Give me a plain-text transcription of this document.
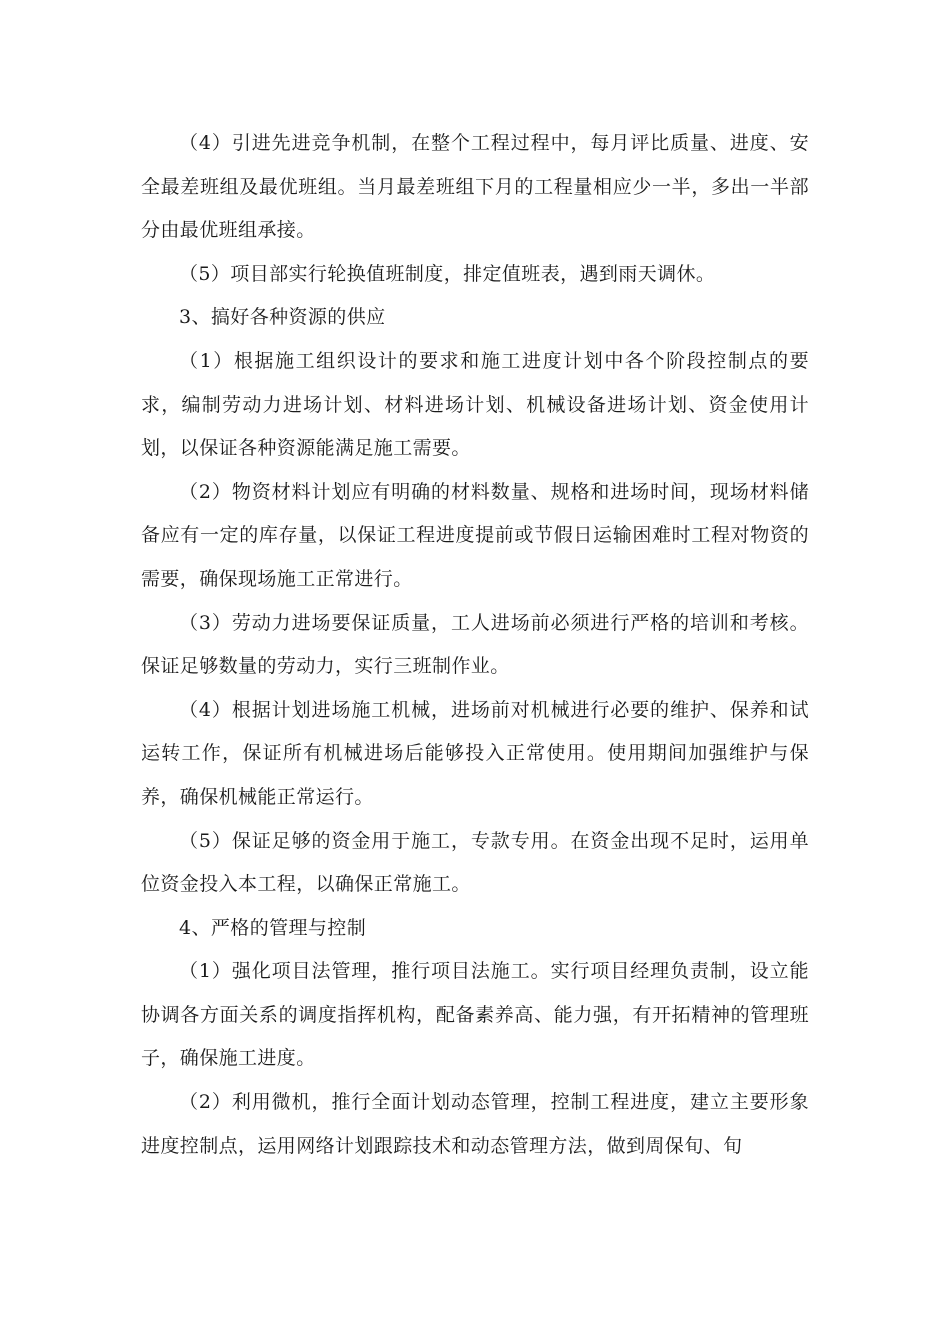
（4）引进先进竞争机制，在整个工程过程中，每月评比质量、进度、安全最差班组及最优班组。当月最差班组下月的工程量相应少一半，多出一半部分由最优班组承接。

（5）项目部实行轮换值班制度，排定值班表，遇到雨天调休。

3、搞好各种资源的供应

（1）根据施工组织设计的要求和施工进度计划中各个阶段控制点的要求，编制劳动力进场计划、材料进场计划、机械设备进场计划、资金使用计划，以保证各种资源能满足施工需要。

（2）物资材料计划应有明确的材料数量、规格和进场时间，现场材料储备应有一定的库存量，以保证工程进度提前或节假日运输困难时工程对物资的需要，确保现场施工正常进行。

（3）劳动力进场要保证质量，工人进场前必须进行严格的培训和考核。保证足够数量的劳动力，实行三班制作业。

（4）根据计划进场施工机械，进场前对机械进行必要的维护、保养和试运转工作，保证所有机械进场后能够投入正常使用。使用期间加强维护与保养，确保机械能正常运行。

（5）保证足够的资金用于施工，专款专用。在资金出现不足时，运用单位资金投入本工程，以确保正常施工。

4、严格的管理与控制

（1）强化项目法管理，推行项目法施工。实行项目经理负责制，设立能协调各方面关系的调度指挥机构，配备素养高、能力强，有开拓精神的管理班子，确保施工进度。

（2）利用微机，推行全面计划动态管理，控制工程进度，建立主要形象进度控制点，运用网络计划跟踪技术和动态管理方法，做到周保旬、旬
